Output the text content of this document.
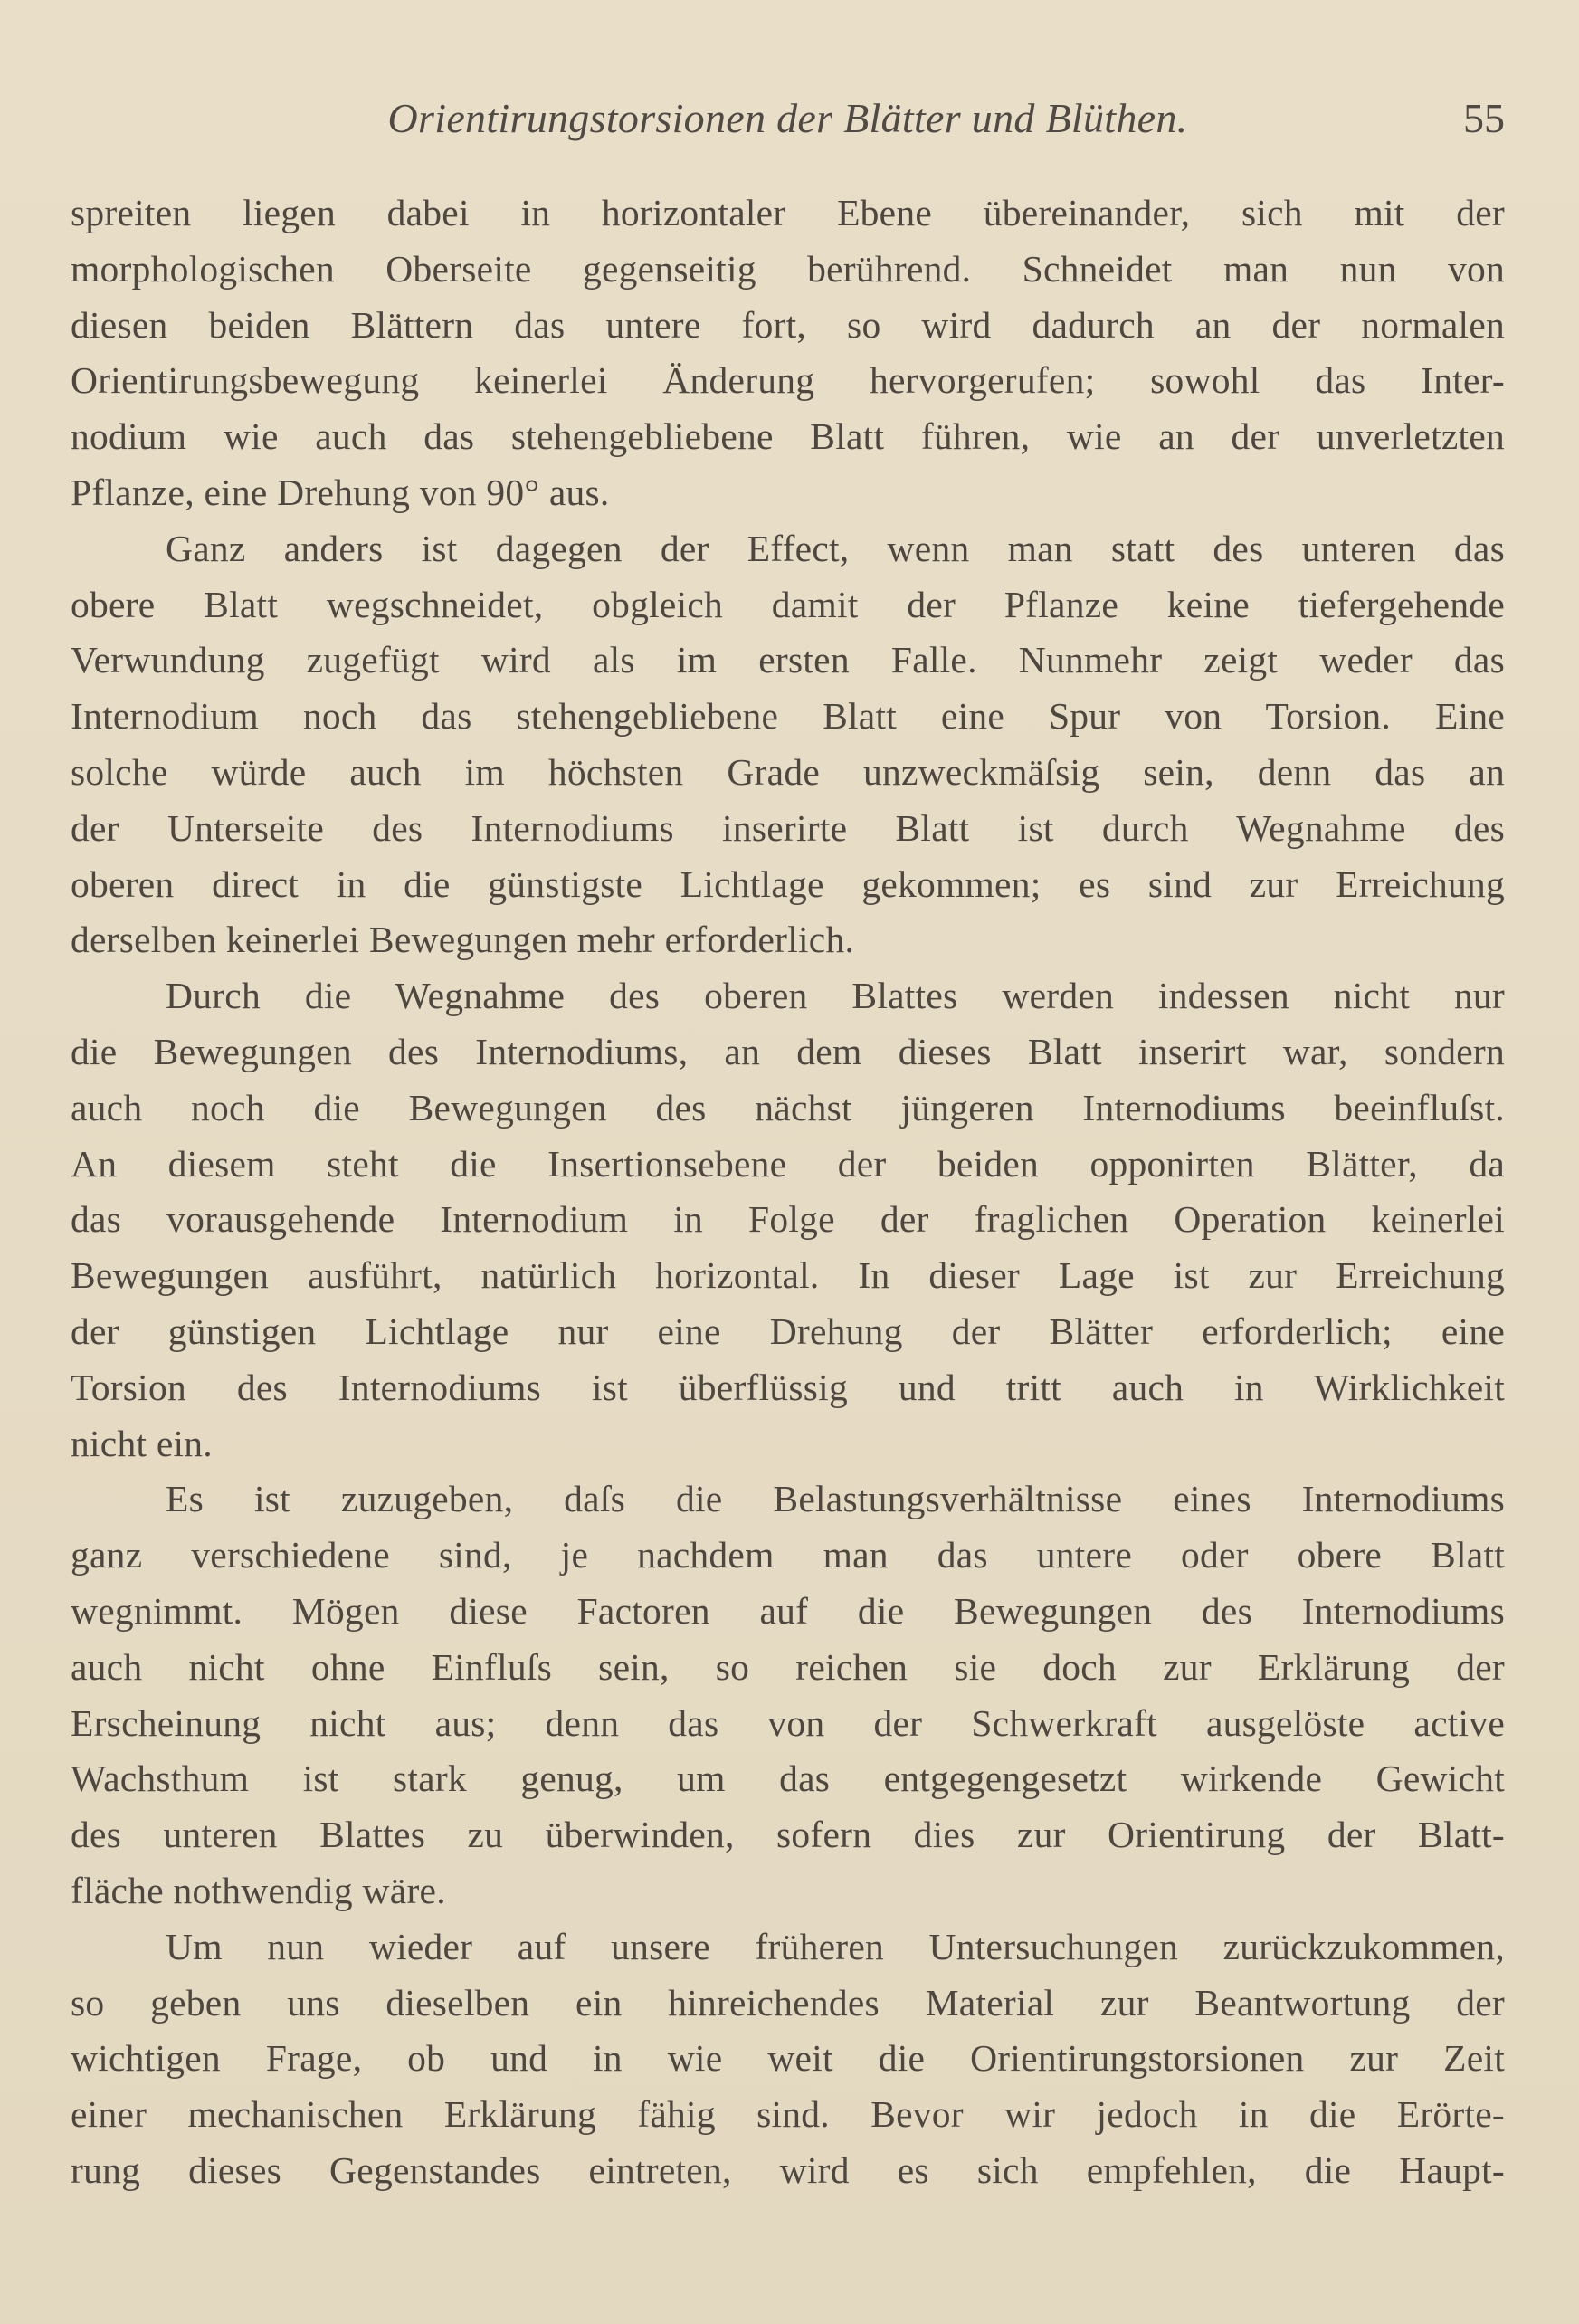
Orientirungstorsionen der Blätter und Blüthen.	55
spreiten liegen dabei in horizontaler Ebene übereinander, sich mit der
morphologischen Oberseite gegenseitig berührend. Schneidet man nun von
diesen beiden Blättern das untere fort, so wird dadurch an der normalen
Orientirungsbewegung keinerlei Änderung hervorgerufen; sowohl das Inter-
nodium wie auch das stehengebliebene Blatt führen, wie an der unverletzten
Pflanze, eine Drehung von 90° aus.
Ganz anders ist dagegen der Effect, wenn man statt des unteren das
obere Blatt wegschneidet, obgleich damit der Pflanze keine tiefergehende
Verwundung zugefügt wird als im ersten Falle. Nunmehr zeigt weder das
Internodium noch das stehengebliebene Blatt eine Spur von Torsion. Eine
solche würde auch im höchsten Grade unzweckmäſsig sein, denn das an
der Unterseite des Internodiums inserirte Blatt ist durch Wegnahme des
oberen direct in die günstigste Lichtlage gekommen; es sind zur Erreichung
derselben keinerlei Bewegungen mehr erforderlich.
Durch die Wegnahme des oberen Blattes werden indessen nicht nur
die Bewegungen des Internodiums, an dem dieses Blatt inserirt war, sondern
auch noch die Bewegungen des nächst jüngeren Internodiums beeinfluſst.
An diesem steht die Insertionsebene der beiden opponirten Blätter, da
das vorausgehende Internodium in Folge der fraglichen Operation keinerlei
Bewegungen ausführt, natürlich horizontal. In dieser Lage ist zur Erreichung
der günstigen Lichtlage nur eine Drehung der Blätter erforderlich; eine
Torsion des Internodiums ist überflüssig und tritt auch in Wirklichkeit
nicht ein.
Es ist zuzugeben, daſs die Belastungsverhältnisse eines Internodiums
ganz verschiedene sind, je nachdem man das untere oder obere Blatt
wegnimmt. Mögen diese Factoren auf die Bewegungen des Internodiums
auch nicht ohne Einfluſs sein, so reichen sie doch zur Erklärung der
Erscheinung nicht aus; denn das von der Schwerkraft ausgelöste active
Wachsthum ist stark genug, um das entgegengesetzt wirkende Gewicht
des unteren Blattes zu überwinden, sofern dies zur Orientirung der Blatt-
fläche nothwendig wäre.
Um nun wieder auf unsere früheren Untersuchungen zurückzukommen,
so geben uns dieselben ein hinreichendes Material zur Beantwortung der
wichtigen Frage, ob und in wie weit die Orientirungstorsionen zur Zeit
einer mechanischen Erklärung fähig sind. Bevor wir jedoch in die Erörte-
rung dieses Gegenstandes eintreten, wird es sich empfehlen, die Haupt-
